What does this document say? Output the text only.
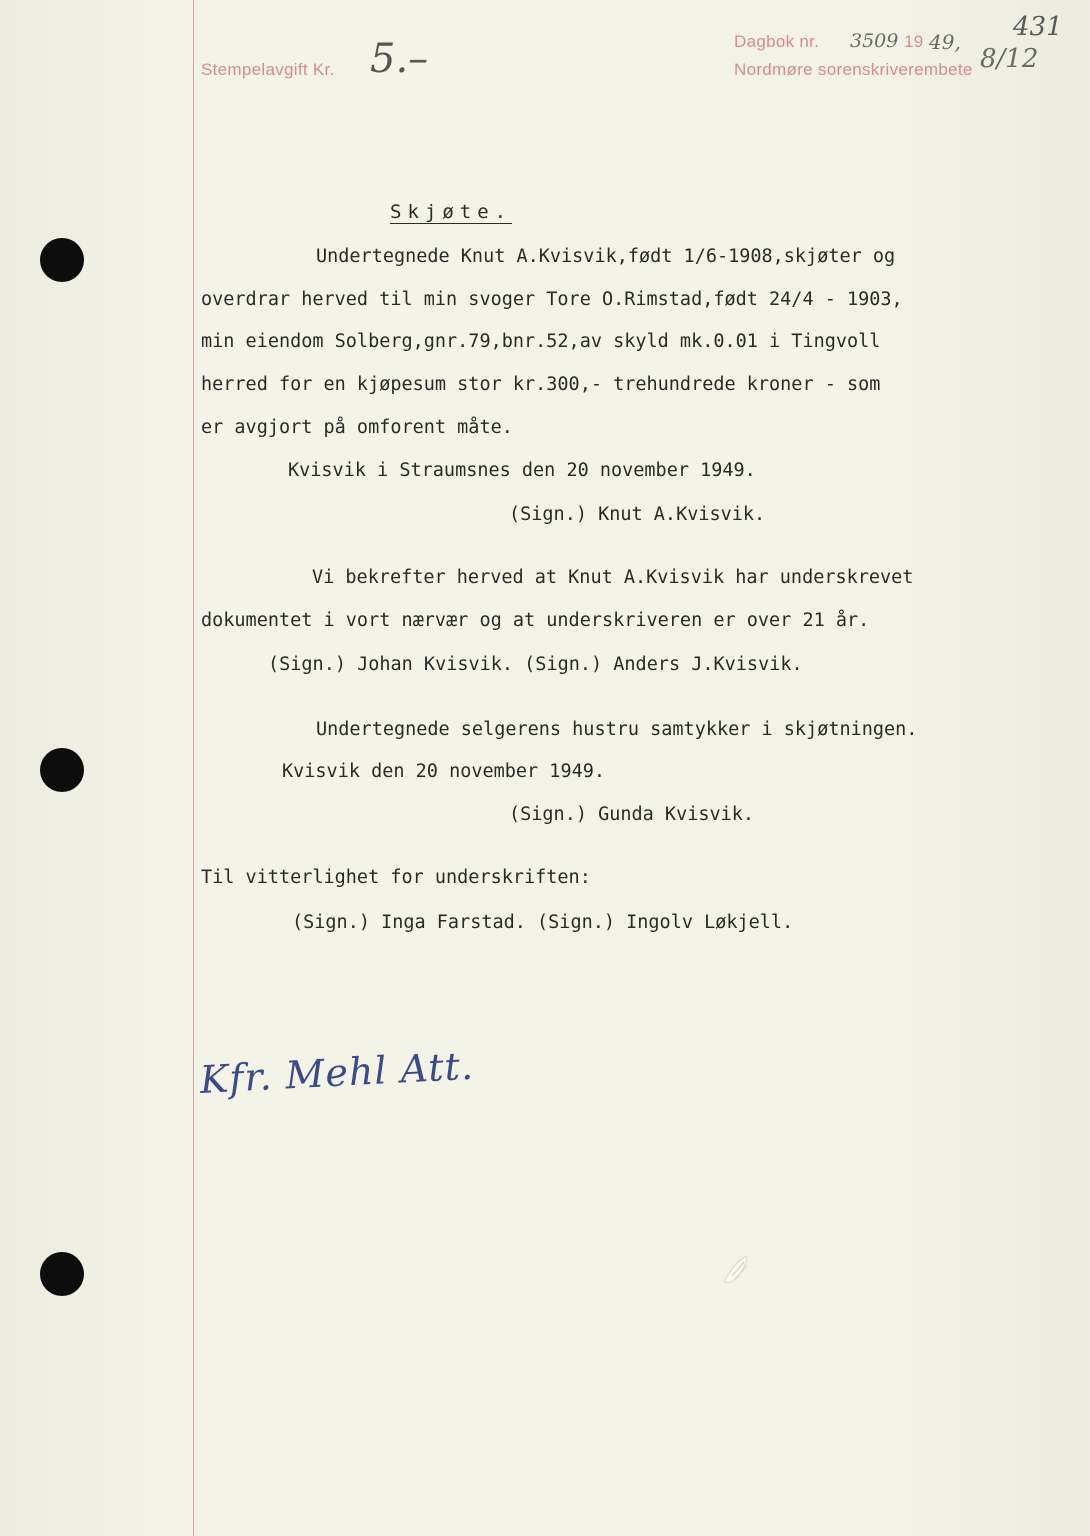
Stempelavgift Kr. 5.–	Dagbok nr. 3509 19 49,
8/12
431
Nordmøre sorenskriverembete
Skjøte.
Undertegnede Knut A.Kvisvik,født 1/6-1908,skjøter og
overdrar herved til min svoger Tore O.Rimstad,født 24/4 - 1903,
min eiendom Solberg,gnr.79,bnr.52,av skyld mk.0.01 i Tingvoll
herred for en kjøpesum stor kr.300,- trehundrede kroner - som
er avgjort på omforent måte.
Kvisvik i Straumsnes den 20 november 1949.
(Sign.) Knut A.Kvisvik.
Vi bekrefter herved at Knut A.Kvisvik har underskrevet
dokumentet i vort nærvær og at underskriveren er over 21 år.
(Sign.) Johan Kvisvik. (Sign.) Anders J.Kvisvik.
Undertegnede selgerens hustru samtykker i skjøtningen.
Kvisvik den 20 november 1949.
(Sign.) Gunda Kvisvik.
Til vitterlighet for underskriften:
(Sign.) Inga Farstad. (Sign.) Ingolv Løkjell.
Kfr. Mehl Att.
